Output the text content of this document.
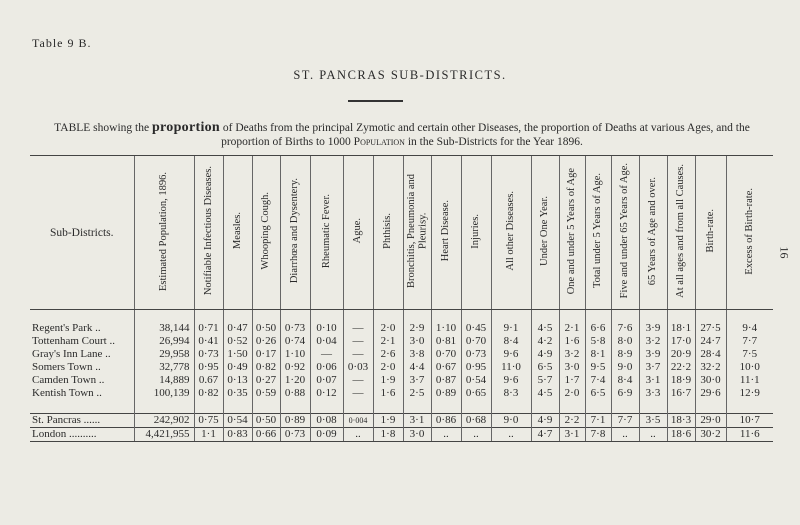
Table 9 B.
ST. PANCRAS SUB-DISTRICTS.
TABLE showing the proportion of Deaths from the principal Zymotic and certain other Diseases, the proportion of Deaths at various Ages, and the proportion of Births to 1000 Population in the Sub-Districts for the Year 1896.
16
Sub-Districts.	Estimated Population, 1896.	Notifiable Infectious Diseases.	Measles.	Whooping Cough.	Diarrhœa and Dysentery.	Rheumatic Fever.	Ague.	Phthisis.	Bronchitis, Pneumonia and Pleurisy.	Heart Disease.	Injuries.	All other Diseases.	Under One Year.	One and under 5 Years of Age	Total under 5 Years of Age.	Five and under 65 Years of Age.	65 Years of Age and over.	At all ages and from all Causes.	Birth-rate.	Excess of Birth-rate.
Regent's Park ..	38,144	0·71	0·47	0·50	0·73	0·10	—	2·0	2·9	1·10	0·45	9·1	4·5	2·1	6·6	7·6	3·9	18·1	27·5	9·4
Tottenham Court ..	26,994	0·41	0·52	0·26	0·74	0·04	—	2·1	3·0	0·81	0·70	8·4	4·2	1·6	5·8	8·0	3·2	17·0	24·7	7·7
Gray's Inn Lane ..	29,958	0·73	1·50	0·17	1·10	—	—	2·6	3·8	0·70	0·73	9·6	4·9	3·2	8·1	8·9	3·9	20·9	28·4	7·5
Somers Town ..	32,778	0·95	0·49	0·82	0·92	0·06	0·03	2·0	4·4	0·67	0·95	11·0	6·5	3·0	9·5	9·0	3·7	22·2	32·2	10·0
Camden Town ..	14,889	0.67	0·13	0·27	1·20	0·07	—	1·9	3·7	0·87	0·54	9·6	5·7	1·7	7·4	8·4	3·1	18·9	30·0	11·1
Kentish Town ..	100,139	0·82	0·35	0·59	0·88	0·12	—	1·6	2·5	0·89	0·65	8·3	4·5	2·0	6·5	6·9	3·3	16·7	29·6	12·9

St. Pancras ......	242,902	0·75	0·54	0·50	0·89	0·08	0·004	1·9	3·1	0·86	0·68	9·0	4·9	2·2	7·1	7·7	3·5	18·3	29·0	10·7
London ..........	4,421,955	1·1	0·83	0·66	0·73	0·09	..	1·8	3·0	..	..	..	4·7	3·1	7·8	..	..	18·6	30·2	11·6
